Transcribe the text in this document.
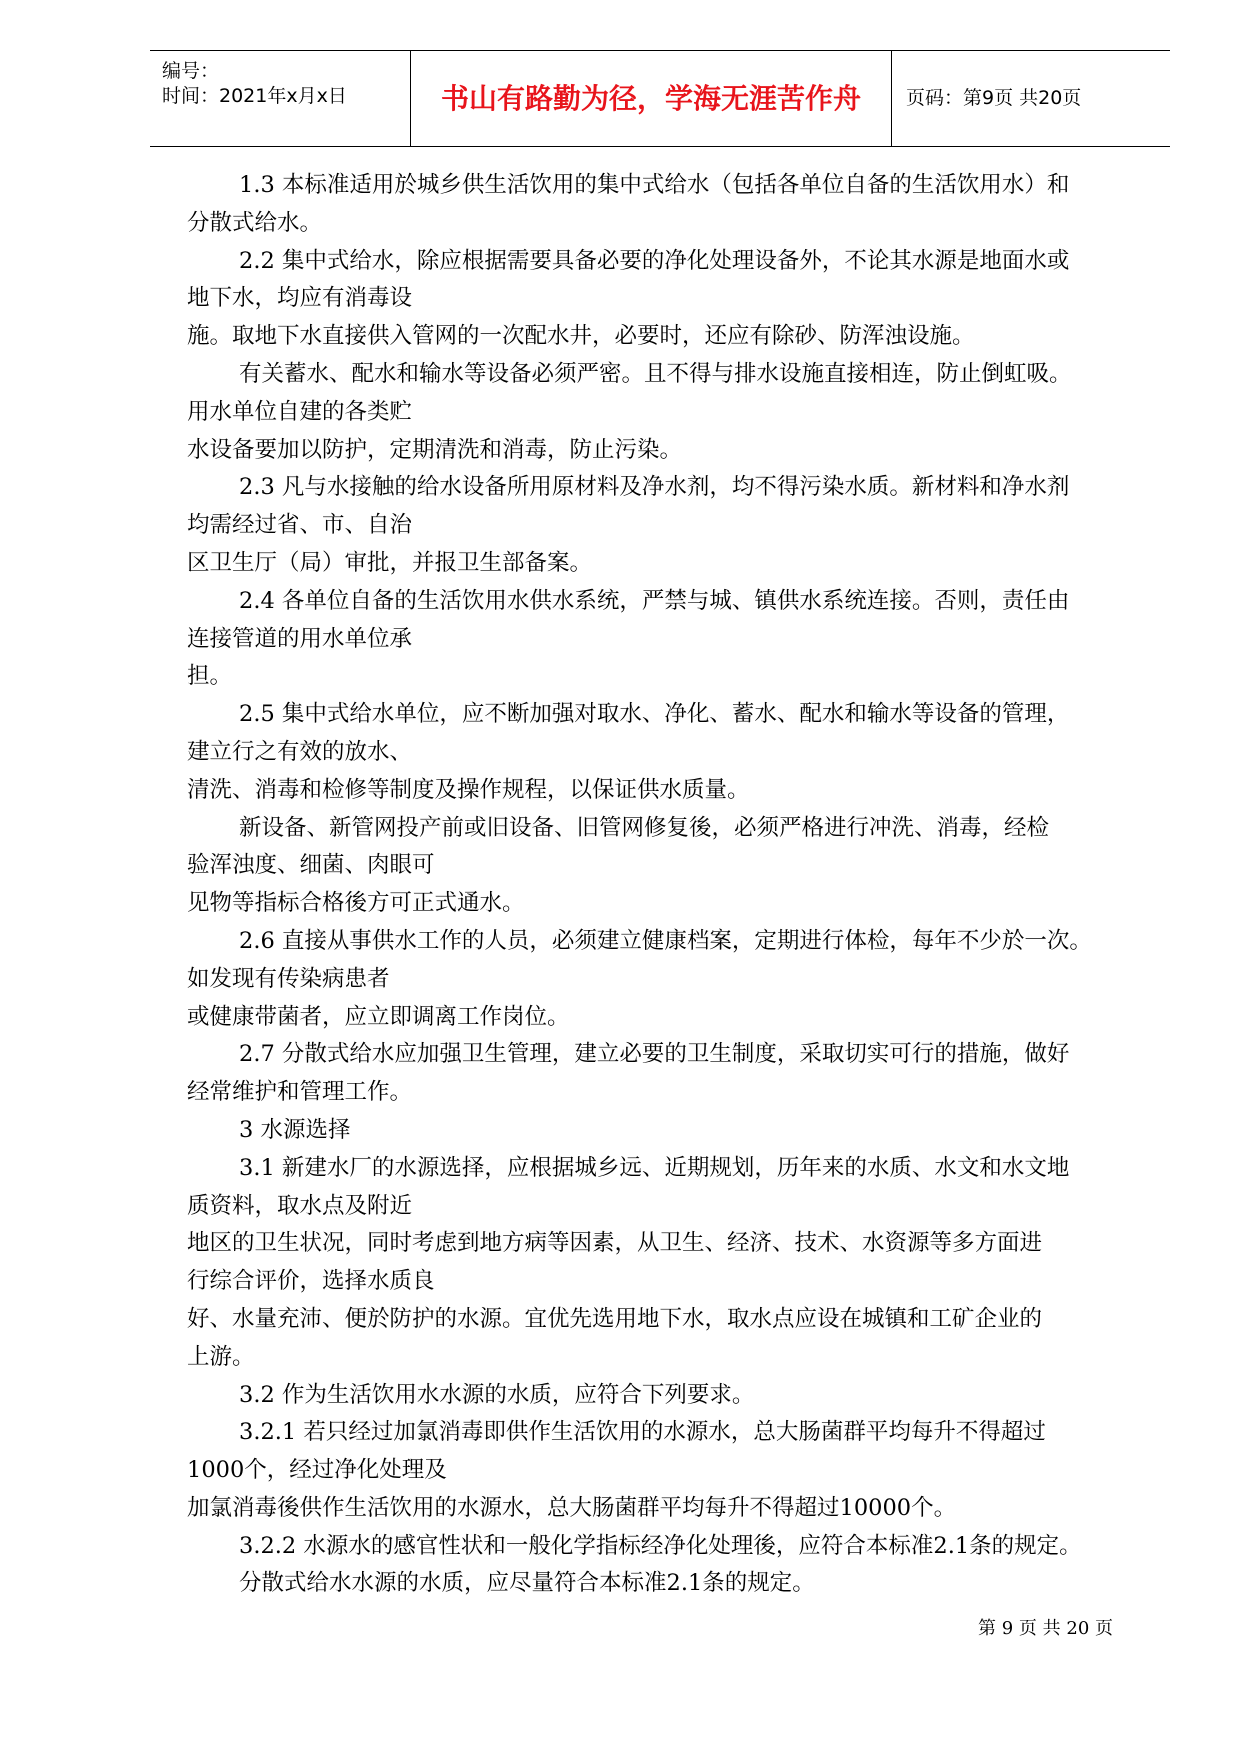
编号：
时间：2021年x月x日	书山有路勤为径，学海无涯苦作舟	页码：第9页 共20页
1.3 本标准适用於城乡供生活饮用的集中式给水（包括各单位自备的生活饮用水）和
分散式给水。
2.2 集中式给水，除应根据需要具备必要的净化处理设备外，不论其水源是地面水或
地下水，均应有消毒设
施。取地下水直接供入管网的一次配水井，必要时，还应有除砂、防浑浊设施。
有关蓄水、配水和输水等设备必须严密。且不得与排水设施直接相连，防止倒虹吸。
用水单位自建的各类贮
水设备要加以防护，定期清洗和消毒，防止污染。
2.3 凡与水接触的给水设备所用原材料及净水剂，均不得污染水质。新材料和净水剂
均需经过省、市、自治
区卫生厅（局）审批，并报卫生部备案。
2.4 各单位自备的生活饮用水供水系统，严禁与城、镇供水系统连接。否则，责任由
连接管道的用水单位承
担。
2.5 集中式给水单位，应不断加强对取水、净化、蓄水、配水和输水等设备的管理，
建立行之有效的放水、
清洗、消毒和检修等制度及操作规程，以保证供水质量。
新设备、新管网投产前或旧设备、旧管网修复後，必须严格进行冲洗、消毒，经检
验浑浊度、细菌、肉眼可
见物等指标合格後方可正式通水。
2.6 直接从事供水工作的人员，必须建立健康档案，定期进行体检，每年不少於一次。
如发现有传染病患者
或健康带菌者，应立即调离工作岗位。
2.7 分散式给水应加强卫生管理，建立必要的卫生制度，采取切实可行的措施，做好
经常维护和管理工作。
3 水源选择
3.1 新建水厂的水源选择，应根据城乡远、近期规划，历年来的水质、水文和水文地
质资料，取水点及附近
地区的卫生状况，同时考虑到地方病等因素，从卫生、经济、技术、水资源等多方面进
行综合评价，选择水质良
好、水量充沛、便於防护的水源。宜优先选用地下水，取水点应设在城镇和工矿企业的
上游。
3.2 作为生活饮用水水源的水质，应符合下列要求。
3.2.1 若只经过加氯消毒即供作生活饮用的水源水，总大肠菌群平均每升不得超过
1000个，经过净化处理及
加氯消毒後供作生活饮用的水源水，总大肠菌群平均每升不得超过10000个。
3.2.2 水源水的感官性状和一般化学指标经净化处理後，应符合本标准2.1条的规定。
分散式给水水源的水质，应尽量符合本标准2.1条的规定。
第 9 页 共 20 页
